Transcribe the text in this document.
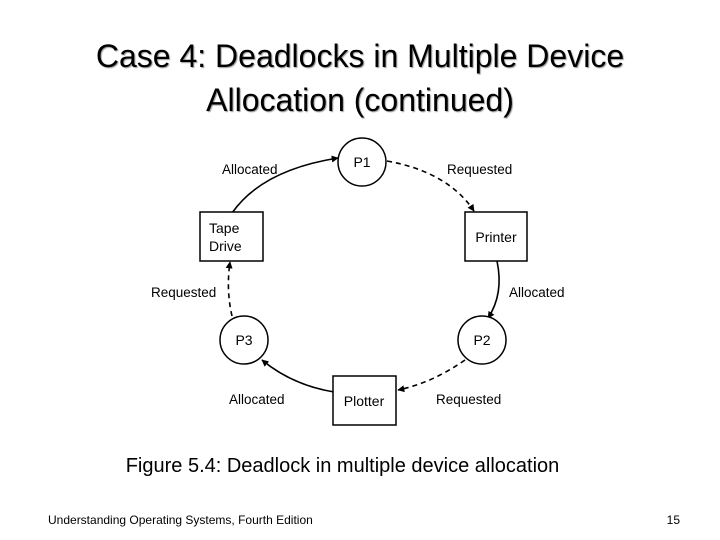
Case 4: Deadlocks in Multiple Device
Allocation (continued)
P1
P2
P3
Tape
Drive
Printer
Plotter
Allocated	Requested
Allocated
Requested
Allocated
Requested
Figure 5.4: Deadlock in multiple device allocation
Understanding Operating Systems, Fourth Edition	15
